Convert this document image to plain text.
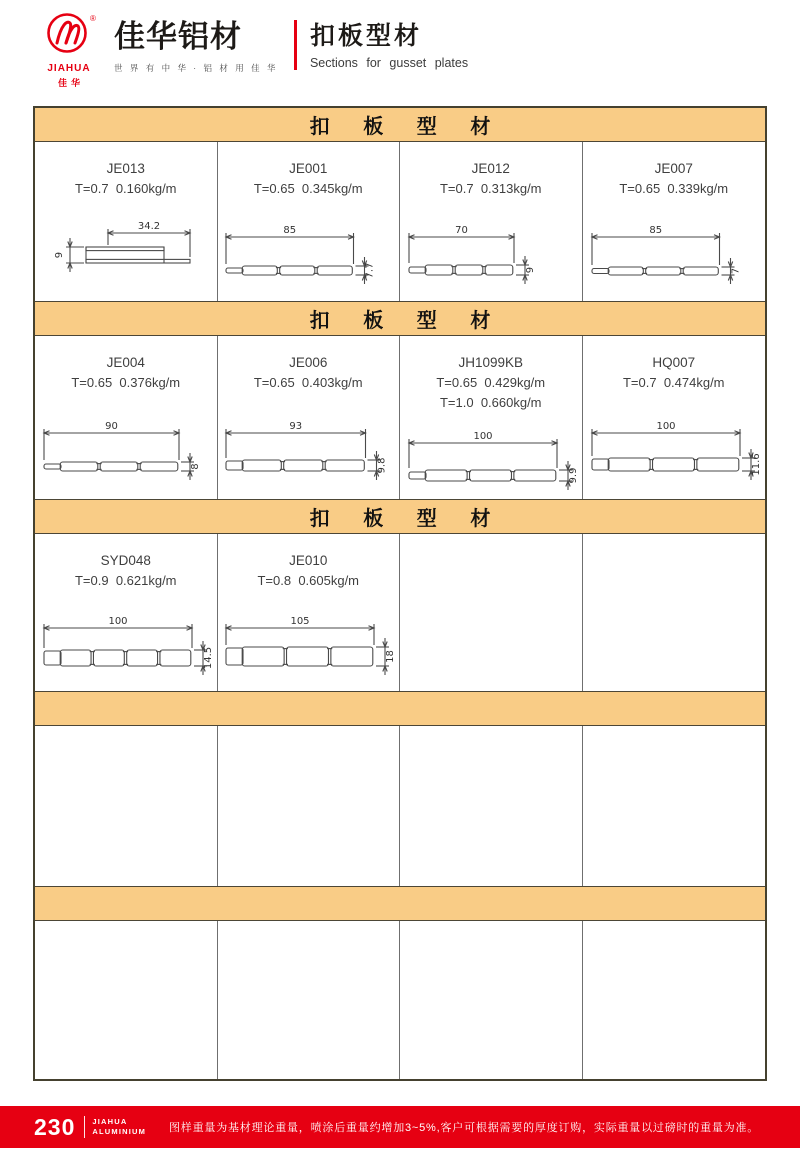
®
JIAHUA
佳华
佳华铝材
世 界 有 中 华 · 铝 材 用 佳 华
扣板型材
Sections for gusset plates
扣 板 型 材
JE013
T=0.7  0.160kg/m
34.2
9
JE001
T=0.65  0.345kg/m
85
7.7
JE012
T=0.7  0.313kg/m
70
9
JE007
T=0.65  0.339kg/m
85
7
扣 板 型 材
JE004
T=0.65  0.376kg/m
90
8
JE006
T=0.65  0.403kg/m
93
9.8
JH1099KB
T=0.65  0.429kg/m
T=1.0  0.660kg/m
100
9.9
HQ007
T=0.7  0.474kg/m
100
11.6
扣 板 型 材
SYD048
T=0.9  0.621kg/m
100
14.5
JE010
T=0.8  0.605kg/m
105
18
230 JIAHUA
ALUMINIUM	图样重量为基材理论重量，喷涂后重量约增加3~5%,客户可根据需要的厚度订购，实际重量以过磅时的重量为准。
